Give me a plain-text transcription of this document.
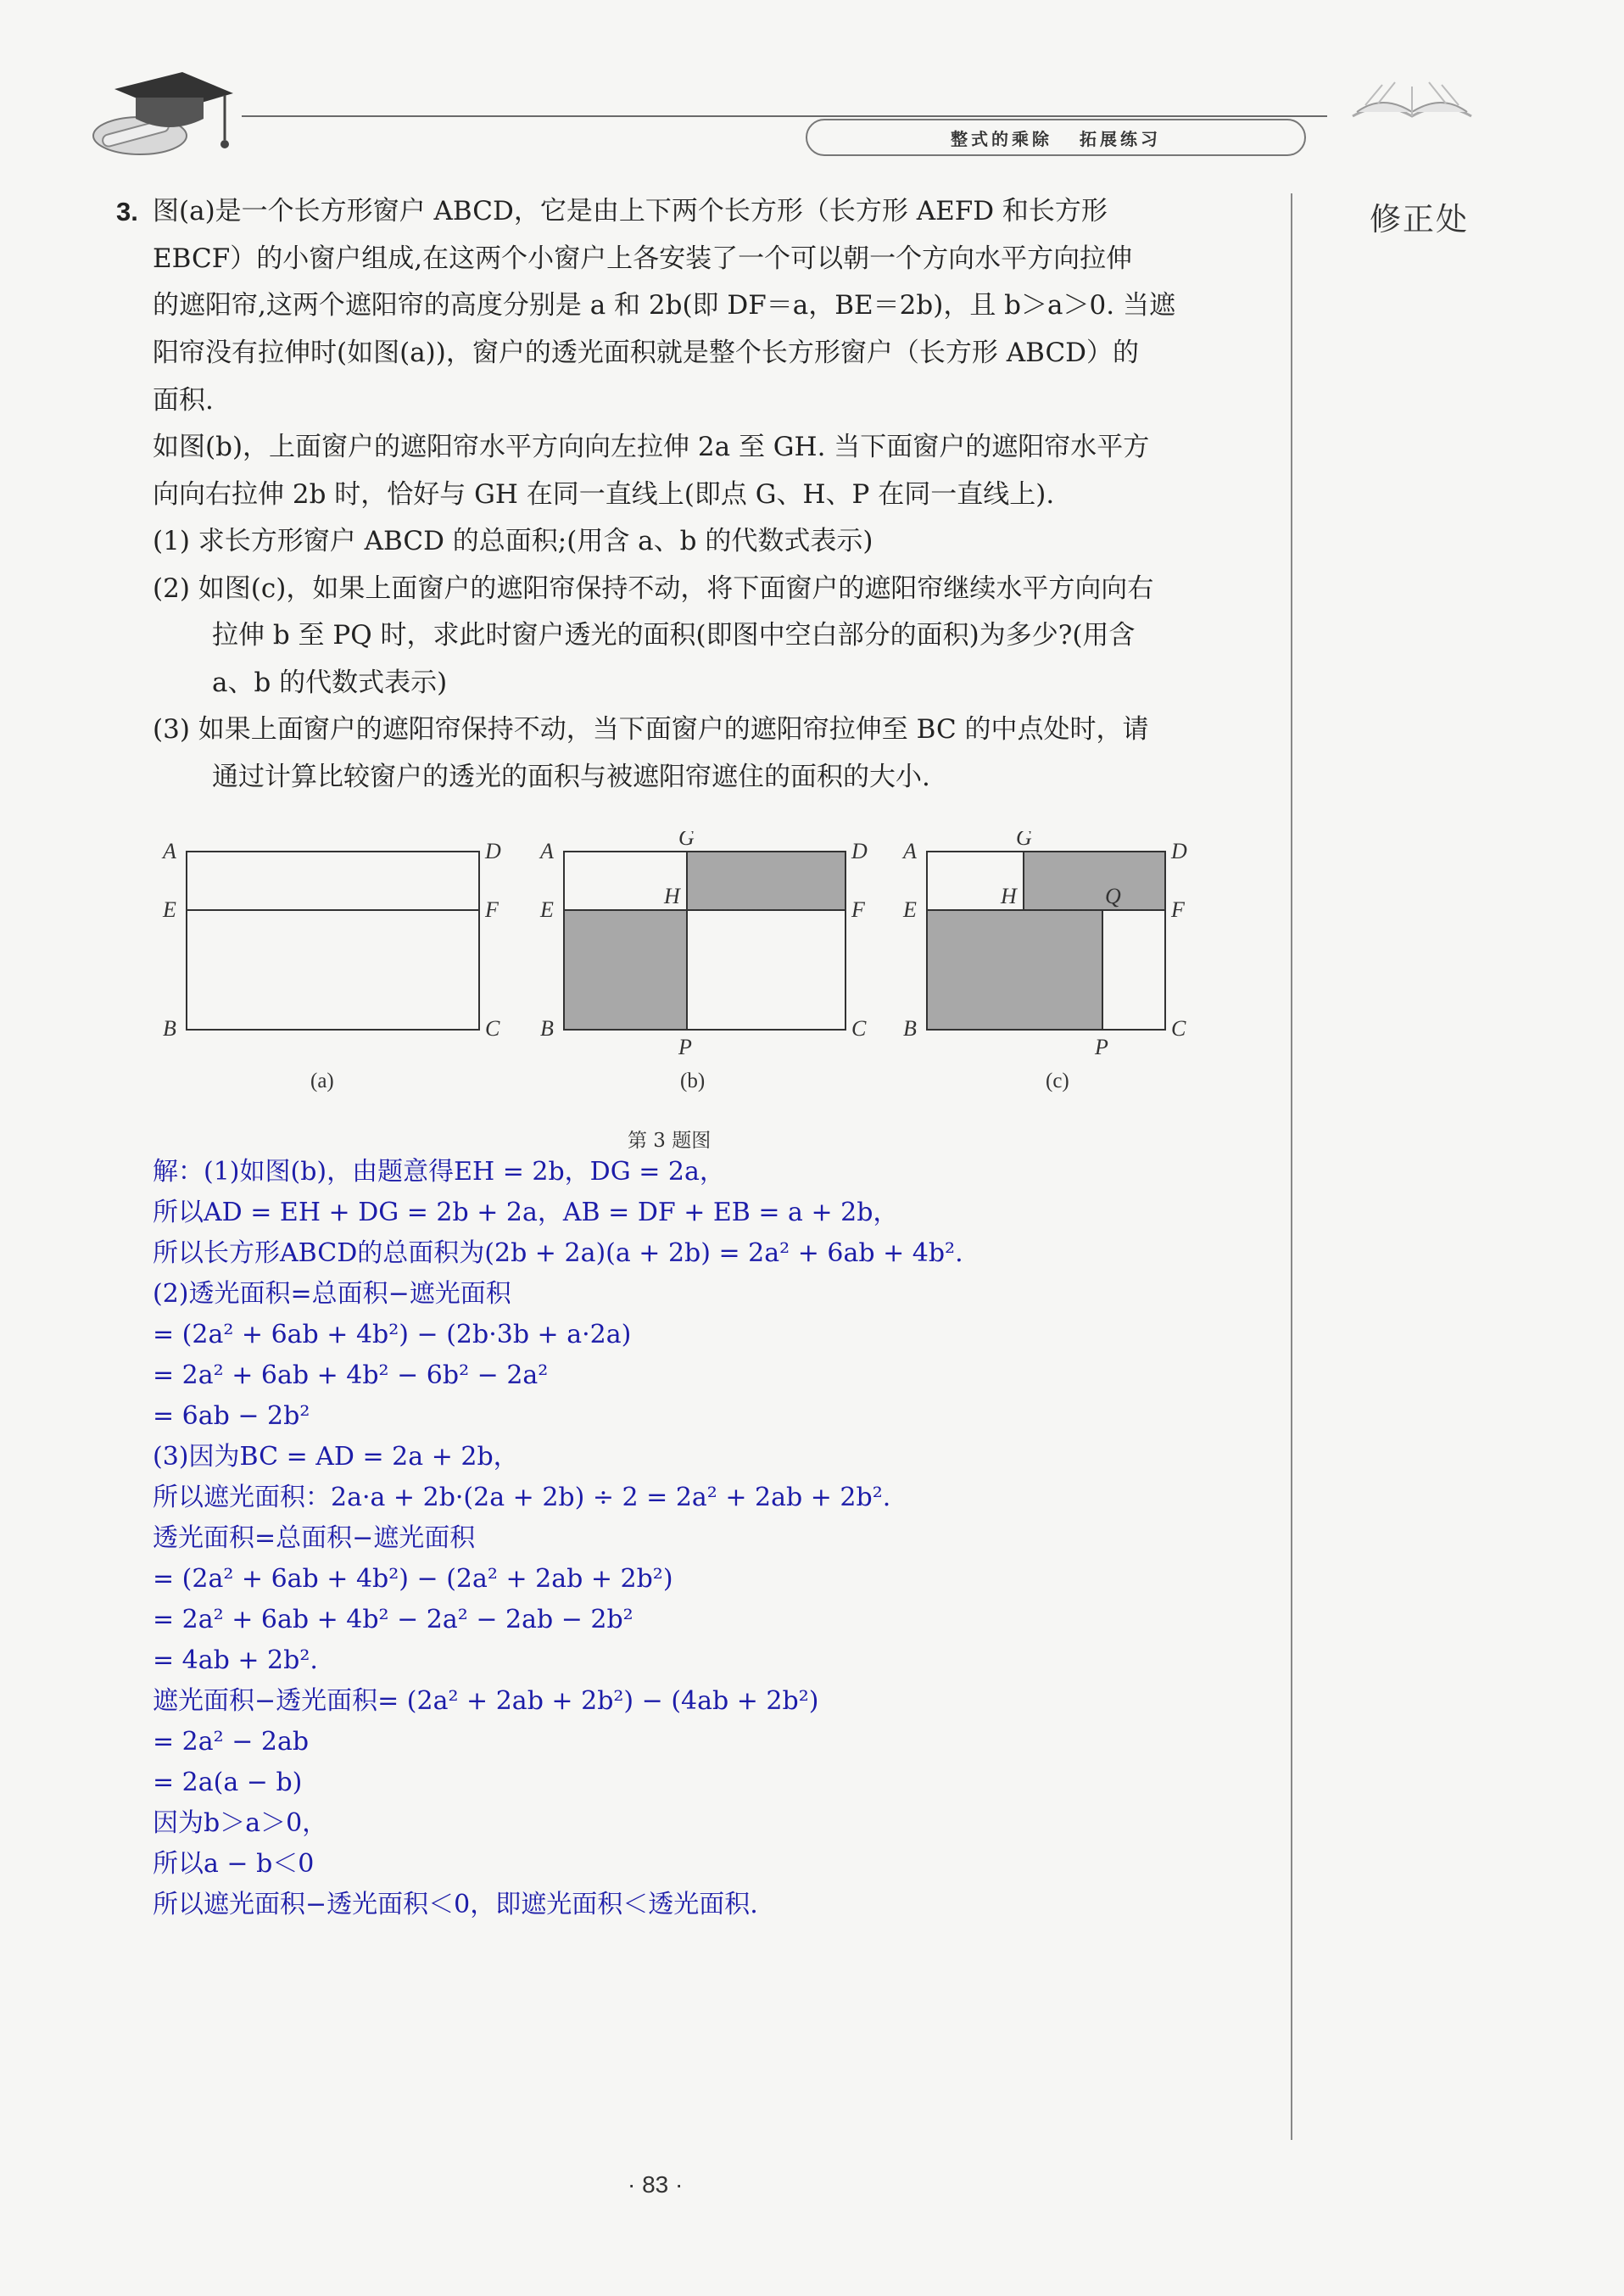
整式的乘除 拓展练习
修正处
3. 图(a)是一个长方形窗户 ABCD，它是由上下两个长方形（长方形 AEFD 和长方形
EBCF）的小窗户组成,在这两个小窗户上各安装了一个可以朝一个方向水平方向拉伸
的遮阳帘,这两个遮阳帘的高度分别是 a 和 2b(即 DF＝a，BE＝2b)，且 b＞a＞0. 当遮
阳帘没有拉伸时(如图(a))，窗户的透光面积就是整个长方形窗户（长方形 ABCD）的
面积.
如图(b)，上面窗户的遮阳帘水平方向向左拉伸 2a 至 GH. 当下面窗户的遮阳帘水平方
向向右拉伸 2b 时，恰好与 GH 在同一直线上(即点 G、H、P 在同一直线上).
(1) 求长方形窗户 ABCD 的总面积;(用含 a、b 的代数式表示)
(2) 如图(c)，如果上面窗户的遮阳帘保持不动，将下面窗户的遮阳帘继续水平方向向右
拉伸 b 至 PQ 时，求此时窗户透光的面积(即图中空白部分的面积)为多少?(用含
a、b 的代数式表示)
(3) 如果上面窗户的遮阳帘保持不动，当下面窗户的遮阳帘拉伸至 BC 的中点处时，请
通过计算比较窗户的透光的面积与被遮阳帘遮住的面积的大小.
A
E
B
D
F
C
(a)
A
E
B
D
F
C
G
H
P
(b)
A
E
B
D
F
C
G
H	Q
P
(c)
第 3 题图
解：(1)如图(b)，由题意得EH = 2b，DG = 2a，
所以AD = EH + DG = 2b + 2a，AB = DF + EB = a + 2b，
所以长方形ABCD的总面积为(2b + 2a)(a + 2b) = 2a² + 6ab + 4b².
(2)透光面积=总面积−遮光面积
= (2a² + 6ab + 4b²) − (2b·3b + a·2a)
= 2a² + 6ab + 4b² − 6b² − 2a²
= 6ab − 2b²
(3)因为BC = AD = 2a + 2b，
所以遮光面积：2a·a + 2b·(2a + 2b) ÷ 2 = 2a² + 2ab + 2b².
透光面积=总面积−遮光面积
= (2a² + 6ab + 4b²) − (2a² + 2ab + 2b²)
= 2a² + 6ab + 4b² − 2a² − 2ab − 2b²
= 4ab + 2b².
遮光面积−透光面积= (2a² + 2ab + 2b²) − (4ab + 2b²)
= 2a² − 2ab
= 2a(a − b)
因为b＞a＞0，
所以a − b＜0
所以遮光面积−透光面积＜0，即遮光面积＜透光面积.
· 83 ·
